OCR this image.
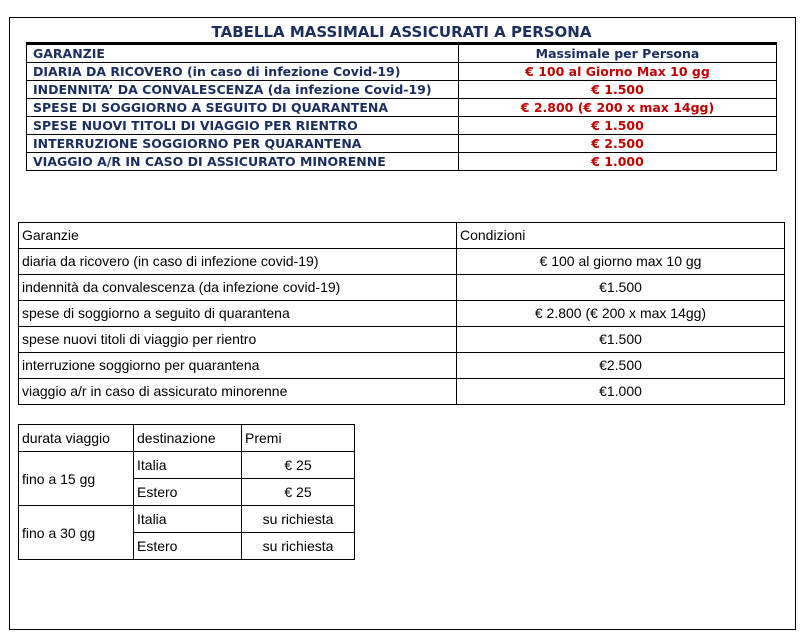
TABELLA MASSIMALI ASSICURATI A PERSONA
GARANZIE	Massimale per Persona
DIARIA DA RICOVERO (in caso di infezione Covid-19)	€ 100 al Giorno Max 10 gg
INDENNITA’ DA CONVALESCENZA (da infezione Covid-19)	€ 1.500
SPESE DI SOGGIORNO A SEGUITO DI QUARANTENA	€ 2.800 (€ 200 x max 14gg)
SPESE NUOVI TITOLI DI VIAGGIO PER RIENTRO	€ 1.500
INTERRUZIONE SOGGIORNO PER QUARANTENA	€ 2.500
VIAGGIO A/R IN CASO DI ASSICURATO MINORENNE	€ 1.000
Garanzie	Condizioni
diaria da ricovero (in caso di infezione covid-19)	€ 100 al giorno max 10 gg
indennità da convalescenza (da infezione covid-19)	€1.500
spese di soggiorno a seguito di quarantena	€ 2.800 (€ 200 x max 14gg)
spese nuovi titoli di viaggio per rientro	€1.500
interruzione soggiorno per quarantena	€2.500
viaggio a/r in caso di assicurato minorenne	€1.000
durata viaggio	destinazione	Premi
fino a 15 gg	Italia	€ 25
	Estero	€ 25
fino a 30 gg	Italia	su richiesta
	Estero	su richiesta
